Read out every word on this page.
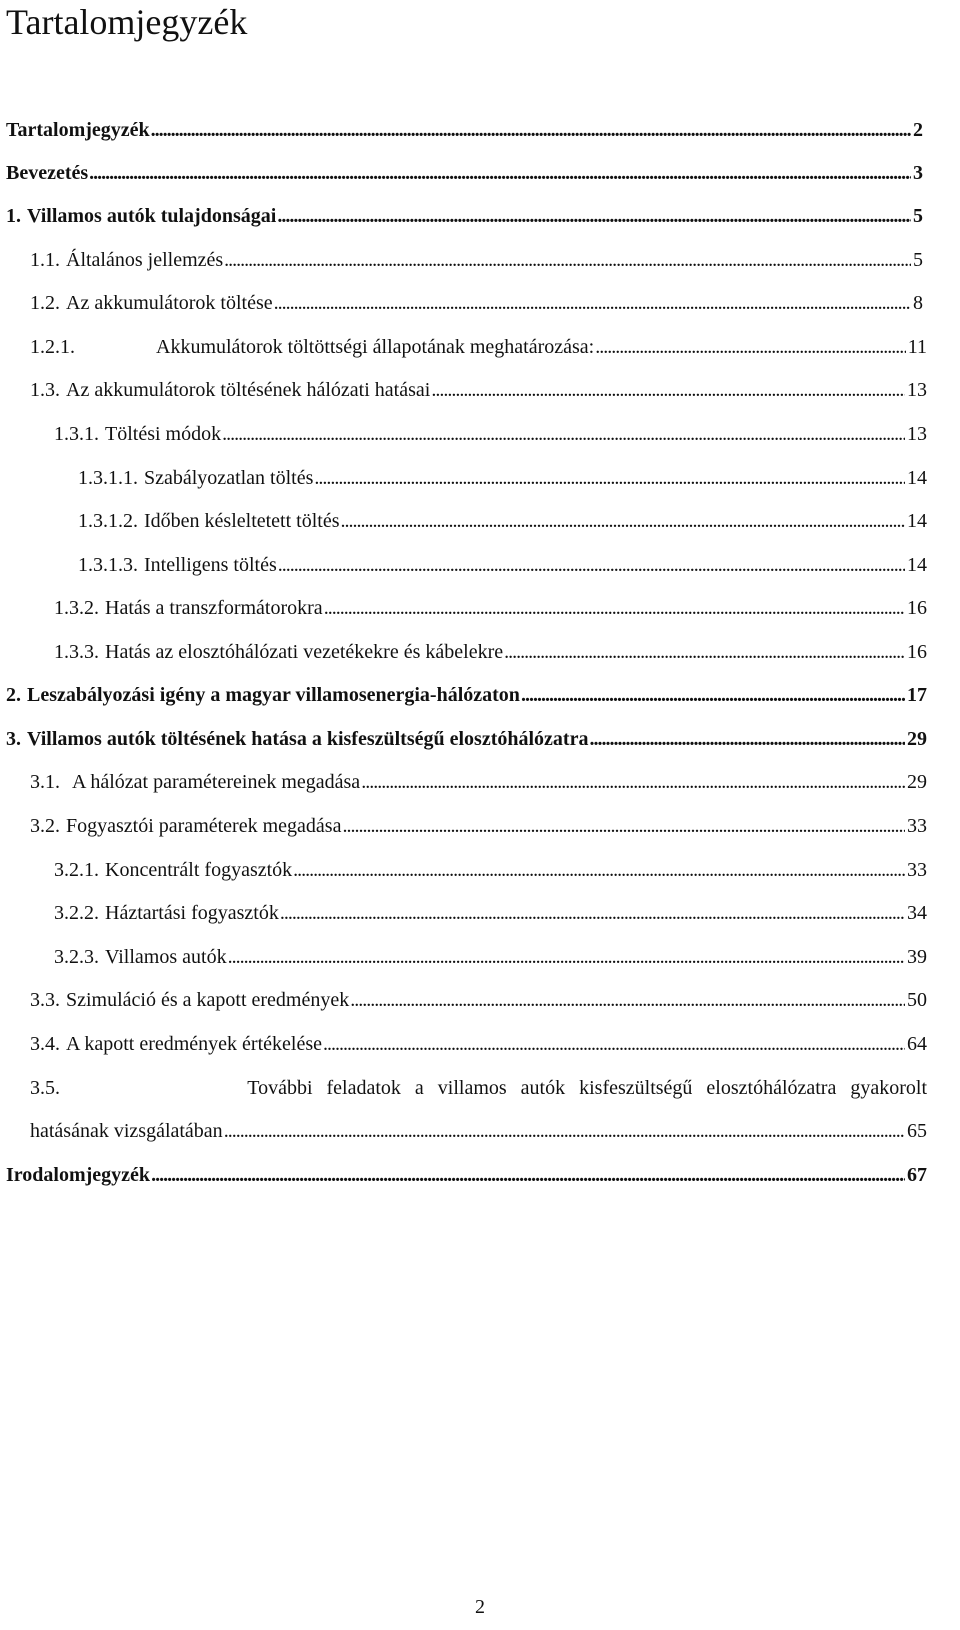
Tartalomjegyzék
Tartalomjegyzék . . .	2
Bevezetés . . .	3
1. Villamos autók tulajdonságai . . .	5
1.1. Általános jellemzés . . .	5
1.2. Az akkumulátorok töltése . . .	8
1.2.1.	Akkumulátorok töltöttségi állapotának meghatározása: . . .	11
1.3. Az akkumulátorok töltésének hálózati hatásai . . .	13
1.3.1. Töltési módok . . .	13
1.3.1.1. Szabályozatlan töltés . . .	14
1.3.1.2. Időben késleltetett töltés . . .	14
1.3.1.3. Intelligens töltés . . .	14
1.3.2. Hatás a transzformátorokra . . .	16
1.3.3. Hatás az elosztóhálózati vezetékekre és kábelekre . . .	16
2. Leszabályozási igény a magyar villamosenergia-hálózaton . . .	17
3. Villamos autók töltésének hatása a kisfeszültségű elosztóhálózatra . . .	29
3.1. A hálózat paramétereinek megadása . . .	29
3.2. Fogyasztói paraméterek megadása . . .	33
3.2.1. Koncentrált fogyasztók . . .	33
3.2.2. Háztartási fogyasztók . . .	34
3.2.3. Villamos autók . . .	39
3.3. Szimuláció és a kapott eredmények . . .	50
3.4. A kapott eredmények értékelése . . .	64
3.5.	További feladatok a villamos autók kisfeszültségű elosztóhálózatra gyakorolt
hatásának vizsgálatában . . .	65
Irodalomjegyzék . . .	67
2
